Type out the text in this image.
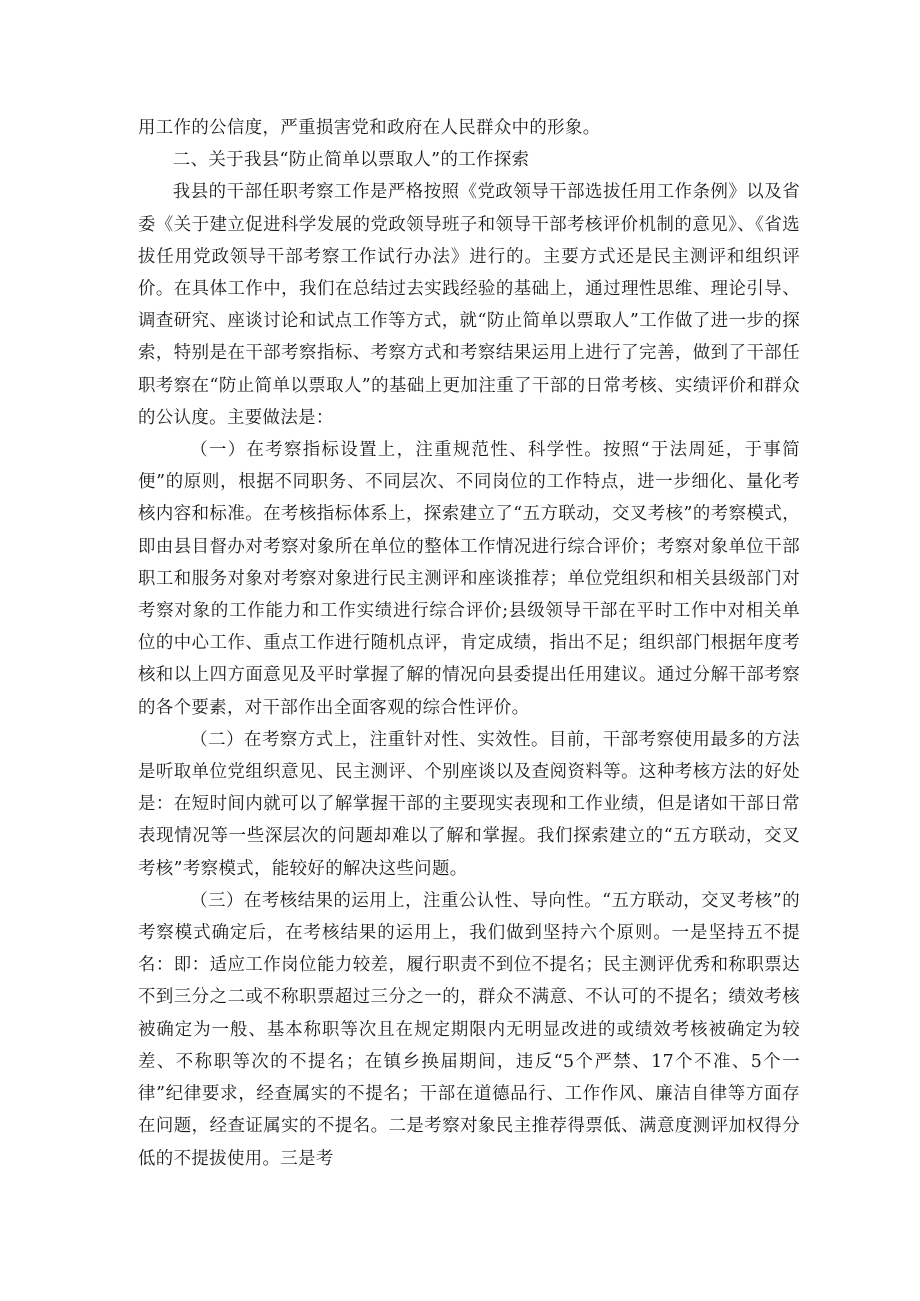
用工作的公信度，严重损害党和政府在人民群众中的形象。

二、关于我县“防止简单以票取人”的工作探索

我县的干部任职考察工作是严格按照《党政领导干部选拔任用工作条例》以及省委《关于建立促进科学发展的党政领导班子和领导干部考核评价机制的意见》、《省选拔任用党政领导干部考察工作试行办法》进行的。主要方式还是民主测评和组织评价。在具体工作中，我们在总结过去实践经验的基础上，通过理性思维、理论引导、调查研究、座谈讨论和试点工作等方式，就“防止简单以票取人”工作做了进一步的探索，特别是在干部考察指标、考察方式和考察结果运用上进行了完善，做到了干部任职考察在“防止简单以票取人”的基础上更加注重了干部的日常考核、实绩评价和群众的公认度。主要做法是：

（一）在考察指标设置上，注重规范性、科学性。按照“于法周延，于事简便”的原则，根据不同职务、不同层次、不同岗位的工作特点，进一步细化、量化考核内容和标准。在考核指标体系上，探索建立了“五方联动，交叉考核”的考察模式，即由县目督办对考察对象所在单位的整体工作情况进行综合评价；考察对象单位干部职工和服务对象对考察对象进行民主测评和座谈推荐；单位党组织和相关县级部门对考察对象的工作能力和工作实绩进行综合评价;县级领导干部在平时工作中对相关单位的中心工作、重点工作进行随机点评，肯定成绩，指出不足；组织部门根据年度考核和以上四方面意见及平时掌握了解的情况向县委提出任用建议。通过分解干部考察的各个要素，对干部作出全面客观的综合性评价。

（二）在考察方式上，注重针对性、实效性。目前，干部考察使用最多的方法是听取单位党组织意见、民主测评、个别座谈以及查阅资料等。这种考核方法的好处是：在短时间内就可以了解掌握干部的主要现实表现和工作业绩，但是诸如干部日常表现情况等一些深层次的问题却难以了解和掌握。我们探索建立的“五方联动，交叉考核”考察模式，能较好的解决这些问题。

（三）在考核结果的运用上，注重公认性、导向性。“五方联动，交叉考核”的考察模式确定后，在考核结果的运用上，我们做到坚持六个原则。一是坚持五不提名：即：适应工作岗位能力较差，履行职责不到位不提名；民主测评优秀和称职票达不到三分之二或不称职票超过三分之一的，群众不满意、不认可的不提名；绩效考核被确定为一般、基本称职等次且在规定期限内无明显改进的或绩效考核被确定为较差、不称职等次的不提名；在镇乡换届期间，违反“5个严禁、17个不准、5个一律”纪律要求，经查属实的不提名；干部在道德品行、工作作风、廉洁自律等方面存在问题，经查证属实的不提名。二是考察对象民主推荐得票低、满意度测评加权得分低的不提拔使用。三是考
